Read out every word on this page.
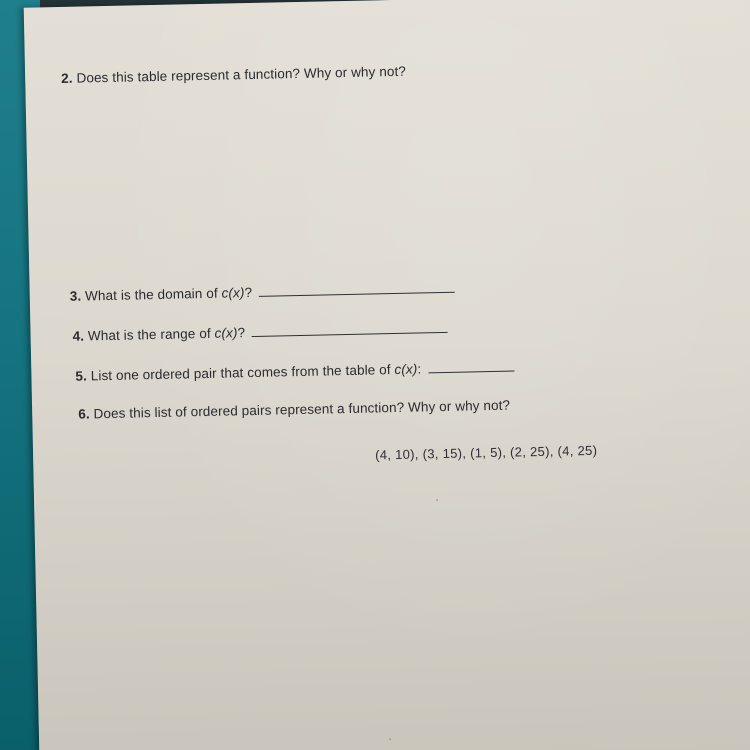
2. Does this table represent a function? Why or why not?
3. What is the domain of c(x)?
4. What is the range of c(x)?
5. List one ordered pair that comes from the table of c(x):
6. Does this list of ordered pairs represent a function? Why or why not?
(4, 10), (3, 15), (1, 5), (2, 25), (4, 25)
